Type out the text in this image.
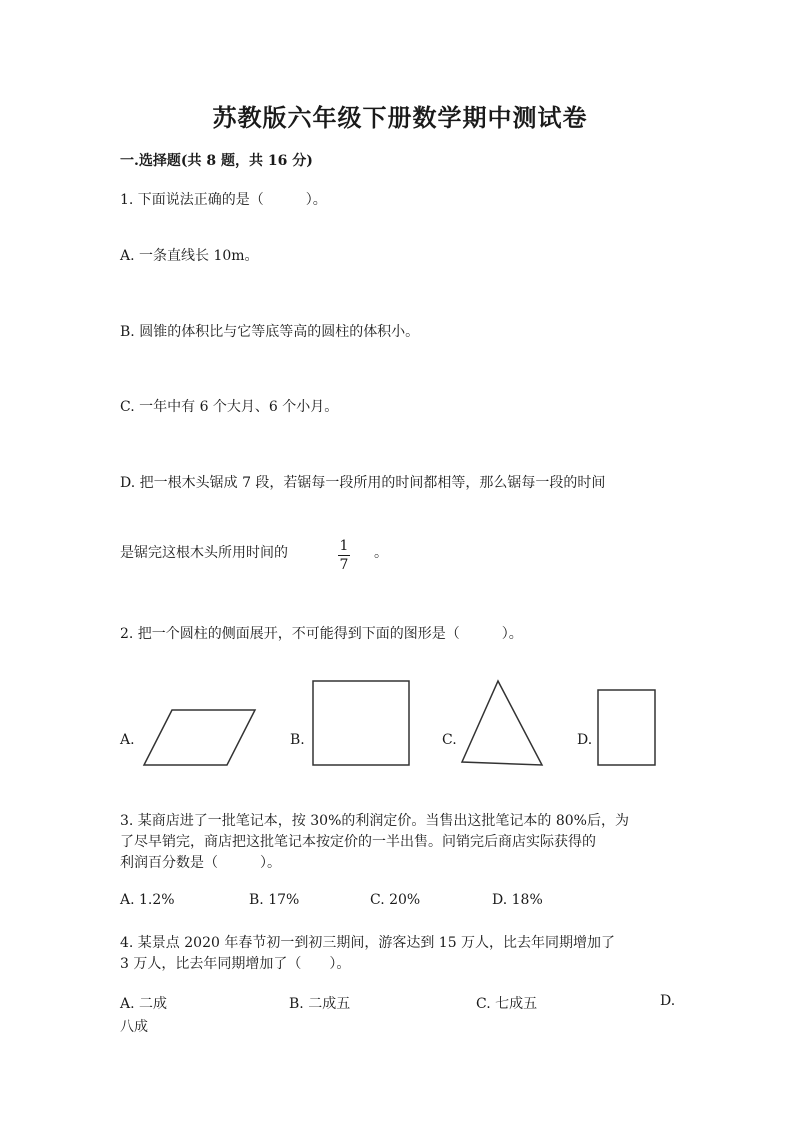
苏教版六年级下册数学期中测试卷
一.选择题(共 8 题，共 16 分)
1. 下面说法正确的是（　　　）。
A. 一条直线长 10m。
B. 圆锥的体积比与它等底等高的圆柱的体积小。
C. 一年中有 6 个大月、6 个小月。
D. 把一根木头锯成 7 段，若锯每一段所用的时间都相等，那么锯每一段的时间
是锯完这根木头所用时间的	1
7
。
2. 把一个圆柱的侧面展开，不可能得到下面的图形是（　　　）。
A.	B.	C.	D.
3. 某商店进了一批笔记本，按 30%的利润定价。当售出这批笔记本的 80%后，为
了尽早销完，商店把这批笔记本按定价的一半出售。问销完后商店实际获得的
利润百分数是（　　　）。
A. 1.2%	B. 17%	C. 20%	D. 18%
4. 某景点 2020 年春节初一到初三期间，游客达到 15 万人，比去年同期增加了
3 万人，比去年同期增加了（　　）。
A. 二成	B. 二成五	C. 七成五	D.
八成
